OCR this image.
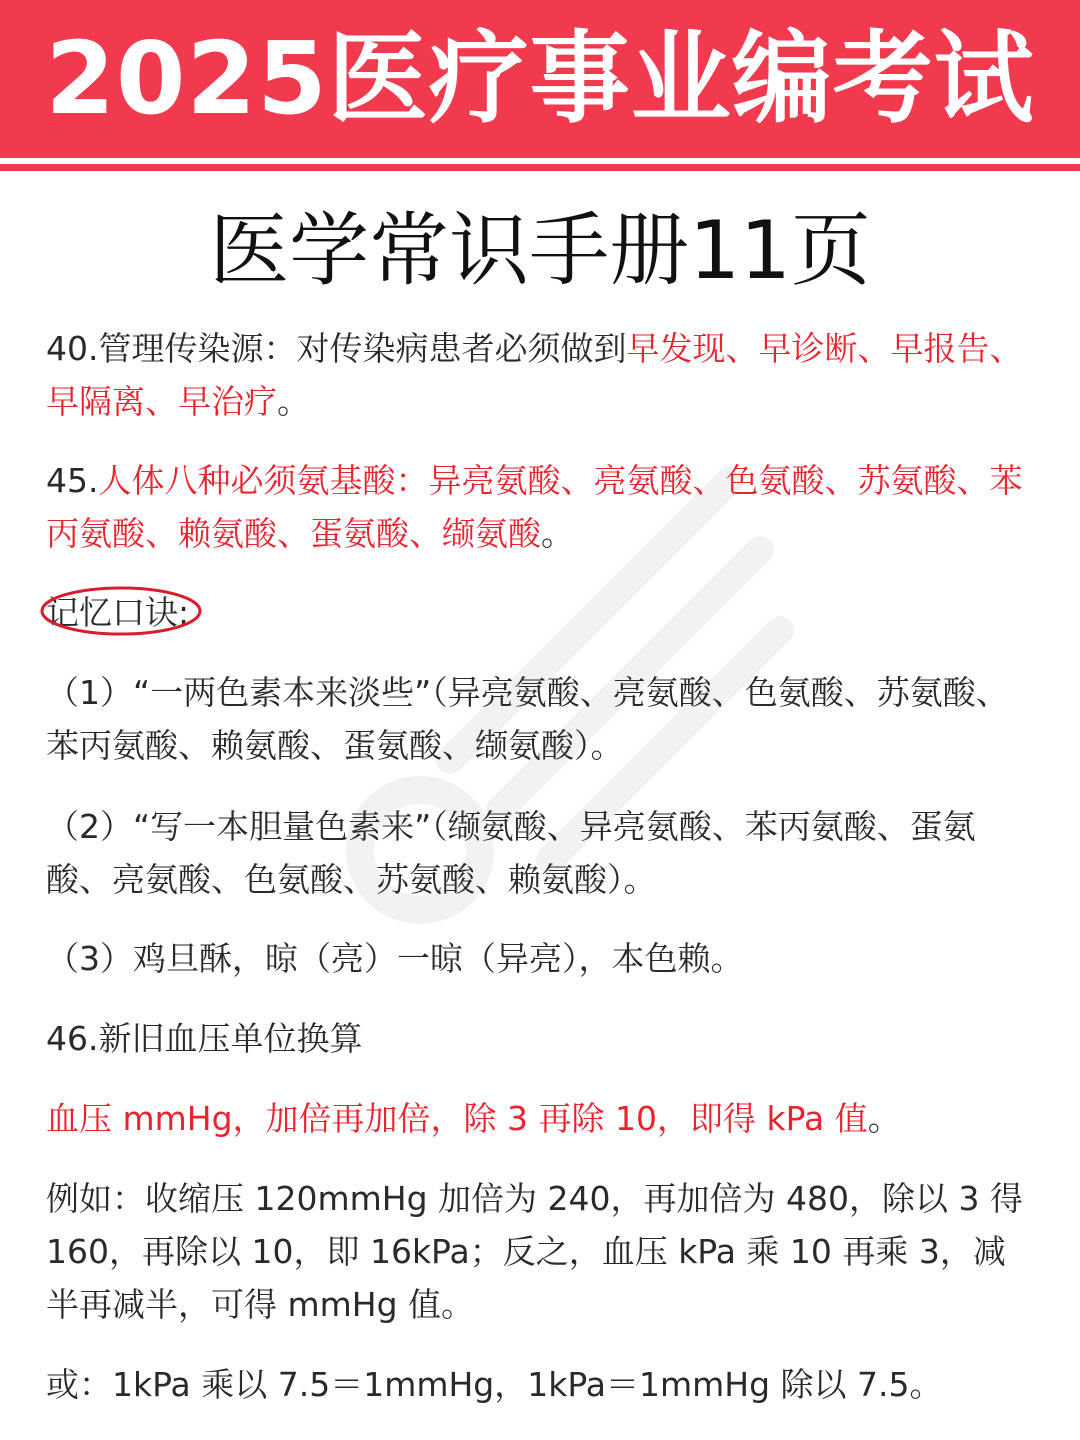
2025医疗事业编考试
医学常识手册11页

40.管理传染源：对传染病患者必须做到早发现、早诊断、早报告、早隔离、早治疗。

45.人体八种必须氨基酸：异亮氨酸、亮氨酸、色氨酸、苏氨酸、苯丙氨酸、赖氨酸、蛋氨酸、缬氨酸。

记忆口诀:

（1）“一两色素本来淡些”（异亮氨酸、亮氨酸、色氨酸、苏氨酸、苯丙氨酸、赖氨酸、蛋氨酸、缬氨酸）。

（2）“写一本胆量色素来”（缬氨酸、异亮氨酸、苯丙氨酸、蛋氨酸、亮氨酸、色氨酸、苏氨酸、赖氨酸）。

（3）鸡旦酥，晾（亮）一晾（异亮），本色赖。

46.新旧血压单位换算

血压 mmHg，加倍再加倍，除 3 再除 10，即得 kPa 值。

例如：收缩压 120mmHg 加倍为 240，再加倍为 480，除以 3 得 160，再除以 10，即 16kPa；反之，血压 kPa 乘 10 再乘 3，减半再减半，可得 mmHg 值。

或：1kPa 乘以 7.5＝1mmHg，1kPa＝1mmHg 除以 7.5。
